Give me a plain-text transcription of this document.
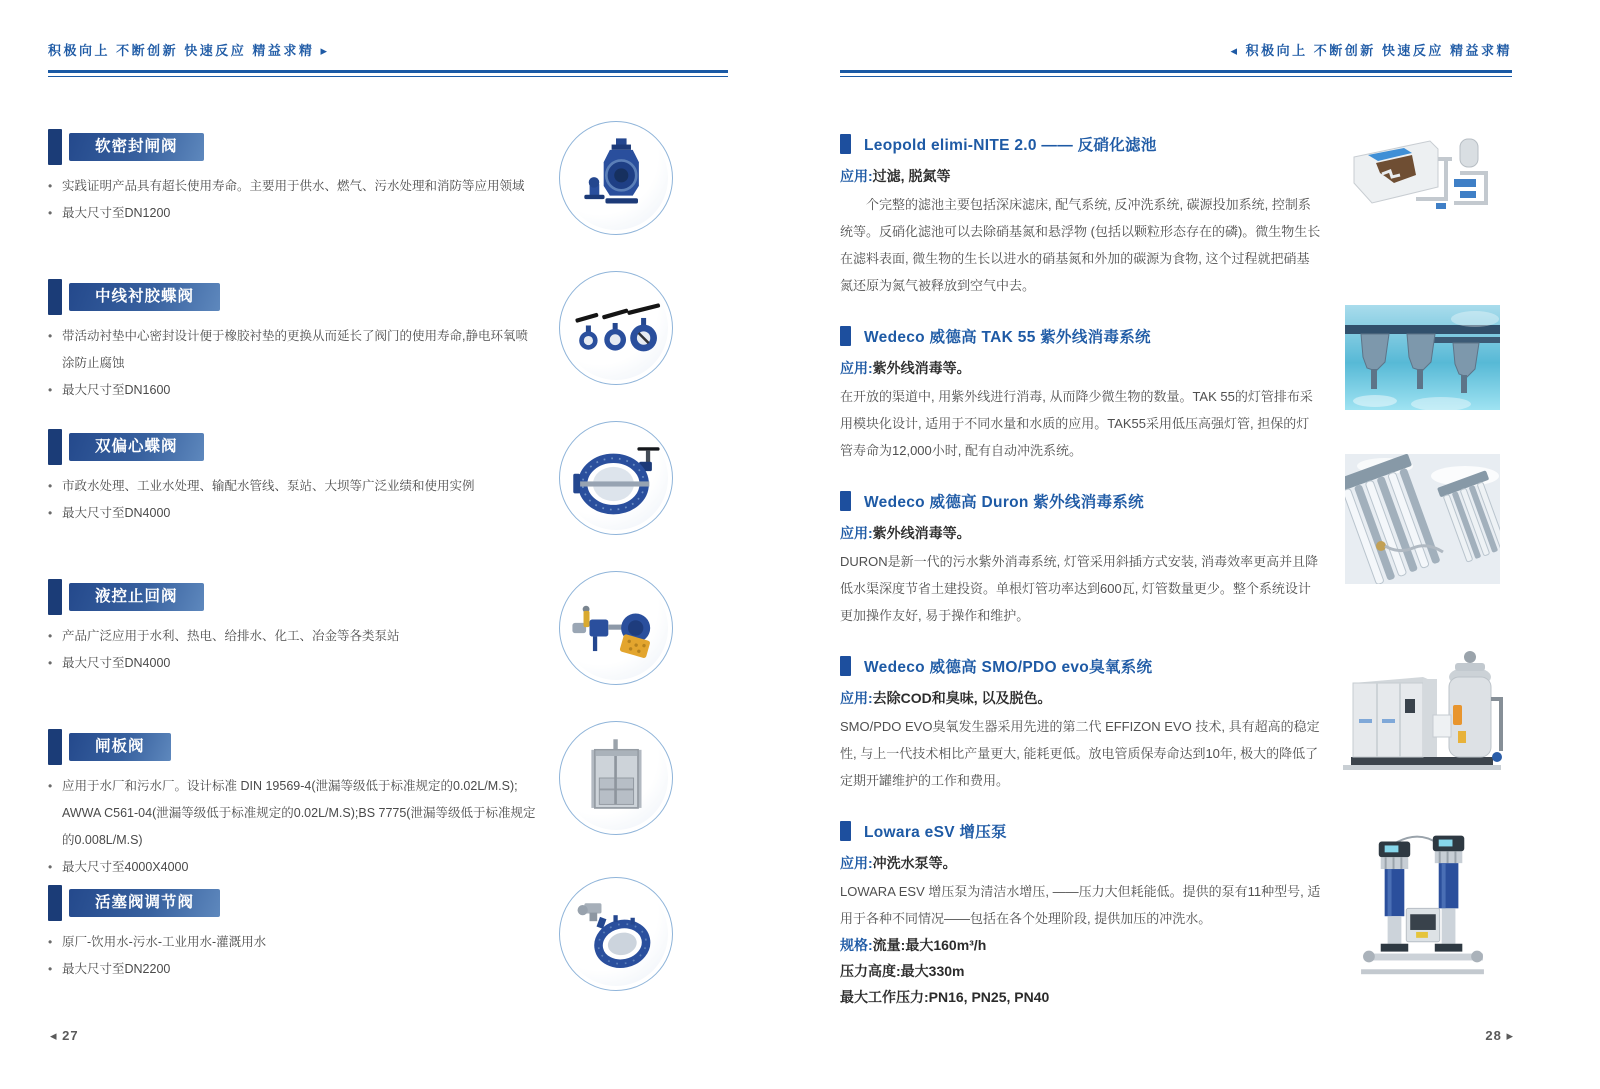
积极向上 不断创新 快速反应 精益求精 ▸
软密封闸阀
• 实践证明产品具有超长使用寿命。主要用于供水、燃气、污水处理和消防等应用领域
• 最大尺寸至DN1200
中线衬胶蝶阀
• 带活动衬垫中心密封设计便于橡胶衬垫的更换从而延长了阀门的使用寿命,静电环氧喷涂防止腐蚀
• 最大尺寸至DN1600
双偏心蝶阀
• 市政水处理、工业水处理、输配水管线、泵站、大坝等广泛业绩和使用实例
• 最大尺寸至DN4000
液控止回阀
• 产品广泛应用于水利、热电、给排水、化工、冶金等各类泵站
• 最大尺寸至DN4000
闸板阀
• 应用于水厂和污水厂。设计标准 DIN 19569-4(泄漏等级低于标准规定的0.02L/M.S); AWWA C561-04(泄漏等级低于标准规定的0.02L/M.S);BS 7775(泄漏等级低于标准规定的0.008L/M.S)
• 最大尺寸至4000X4000
活塞阀调节阀
• 原厂-饮用水-污水-工业用水-灌溉用水
• 最大尺寸至DN2200
◂ 积极向上 不断创新 快速反应 精益求精
Leopold elimi-NITE 2.0 —— 反硝化滤池
应用:过滤, 脱氮等

个完整的滤池主要包括深床滤床, 配气系统, 反冲洗系统, 碳源投加系统, 控制系统等。反硝化滤池可以去除硝基氮和悬浮物 (包括以颗粒形态存在的磷)。微生物生长在滤料表面, 微生物的生长以进水的硝基氮和外加的碳源为食物, 这个过程就把硝基氮还原为氮气被释放到空气中去。

Wedeco 威德高 TAK 55 紫外线消毒系统
应用:紫外线消毒等。

在开放的渠道中, 用紫外线进行消毒, 从而降少微生物的数量。TAK 55的灯管排布采用模块化设计, 适用于不同水量和水质的应用。TAK55采用低压高强灯管, 担保的灯管寿命为12,000小时, 配有自动冲洗系统。

Wedeco 威德高 Duron 紫外线消毒系统
应用:紫外线消毒等。

DURON是新一代的污水紫外消毒系统, 灯管采用斜插方式安装, 消毒效率更高并且降低水渠深度节省土建投资。单根灯管功率达到600瓦, 灯管数量更少。整个系统设计更加操作友好, 易于操作和维护。

Wedeco 威德高 SMO/PDO evo臭氧系统
应用:去除COD和臭味, 以及脱色。

SMO/PDO EVO臭氧发生器采用先进的第二代 EFFIZON EVO 技术, 具有超高的稳定性, 与上一代技术相比产量更大, 能耗更低。放电管质保寿命达到10年, 极大的降低了定期开罐维护的工作和费用。

Lowara eSV 增压泵
应用:冲洗水泵等。

LOWARA ESV 增压泵为清洁水增压, ——压力大但耗能低。提供的泵有11种型号, 适用于各种不同情况——包括在各个处理阶段, 提供加压的冲洗水。

规格:流量:最大160m³/h
压力高度:最大330m
最大工作压力:PN16, PN25, PN40
◂ 27	28 ▸
